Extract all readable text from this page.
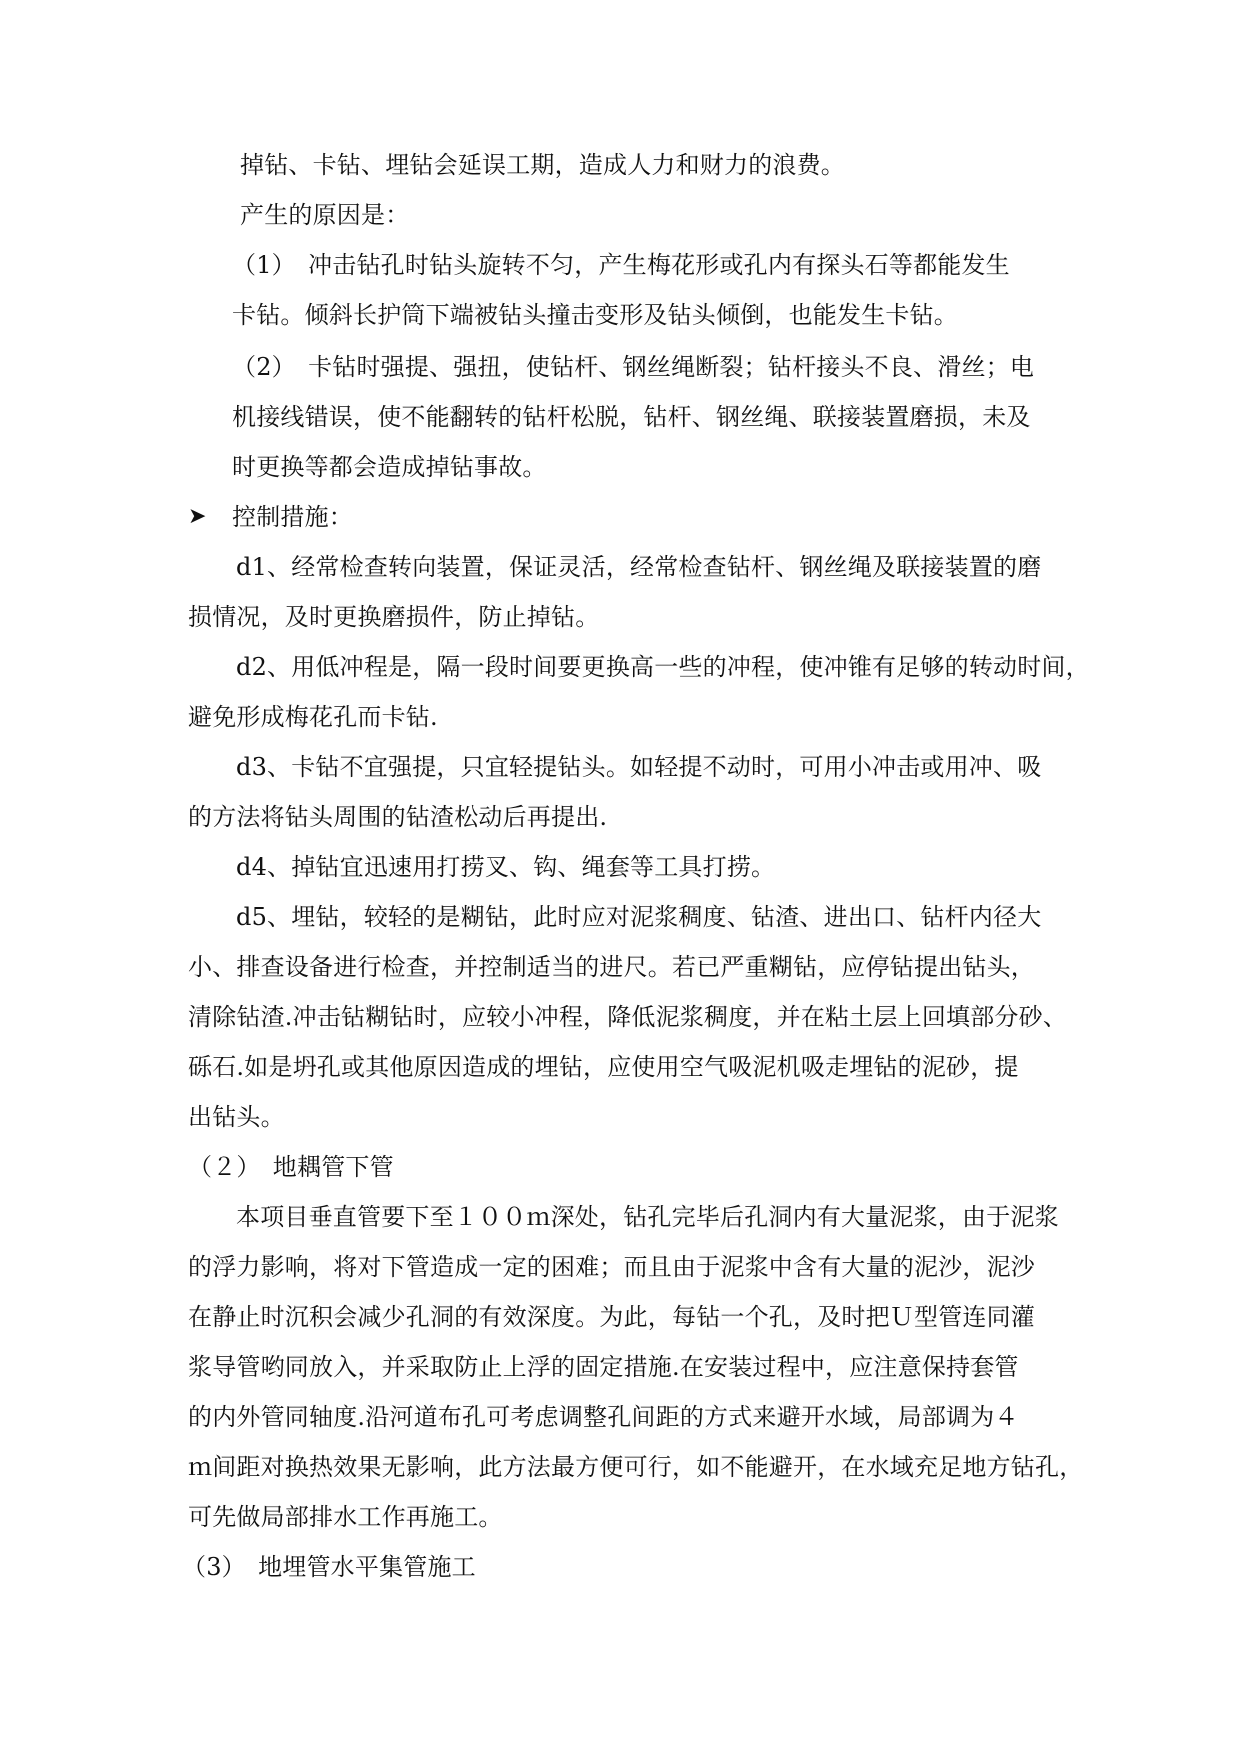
掉钻、卡钻、埋钻会延误工期，造成人力和财力的浪费。
产生的原因是：
（1）　冲击钻孔时钻头旋转不匀，产生梅花形或孔内有探头石等都能发生
卡钻。倾斜长护筒下端被钻头撞击变形及钻头倾倒，也能发生卡钻。
（2）　卡钻时强提、强扭，使钻杆、钢丝绳断裂；钻杆接头不良、滑丝；电
机接线错误，使不能翻转的钻杆松脱，钻杆、钢丝绳、联接装置磨损，未及
时更换等都会造成掉钻事故。
➤ 控制措施：
d1、经常检查转向装置，保证灵活，经常检查钻杆、钢丝绳及联接装置的磨
损情况，及时更换磨损件，防止掉钻。
d2、用低冲程是，隔一段时间要更换高一些的冲程，使冲锥有足够的转动时间，
避免形成梅花孔而卡钻.
d3、卡钻不宜强提，只宜轻提钻头。如轻提不动时，可用小冲击或用冲、吸
的方法将钻头周围的钻渣松动后再提出.
d4、掉钻宜迅速用打捞叉、钩、绳套等工具打捞。
d5、埋钻，较轻的是糊钻，此时应对泥浆稠度、钻渣、进出口、钻杆内径大
小、排查设备进行检查，并控制适当的进尺。若已严重糊钻，应停钻提出钻头，
清除钻渣.冲击钻糊钻时，应较小冲程，降低泥浆稠度，并在粘土层上回填部分砂、
砾石.如是坍孔或其他原因造成的埋钻，应使用空气吸泥机吸走埋钻的泥砂，提
出钻头。
（２）　地耦管下管
本项目垂直管要下至１００ｍ深处，钻孔完毕后孔洞内有大量泥浆，由于泥浆
的浮力影响，将对下管造成一定的困难；而且由于泥浆中含有大量的泥沙，泥沙
在静止时沉积会减少孔洞的有效深度。为此，每钻一个孔，及时把Ｕ型管连同灌
浆导管哟同放入，并采取防止上浮的固定措施.在安装过程中，应注意保持套管
的内外管同轴度.沿河道布孔可考虑调整孔间距的方式来避开水域，局部调为４
ｍ间距对换热效果无影响，此方法最方便可行，如不能避开，在水域充足地方钻孔，
可先做局部排水工作再施工。
（3）　地埋管水平集管施工
